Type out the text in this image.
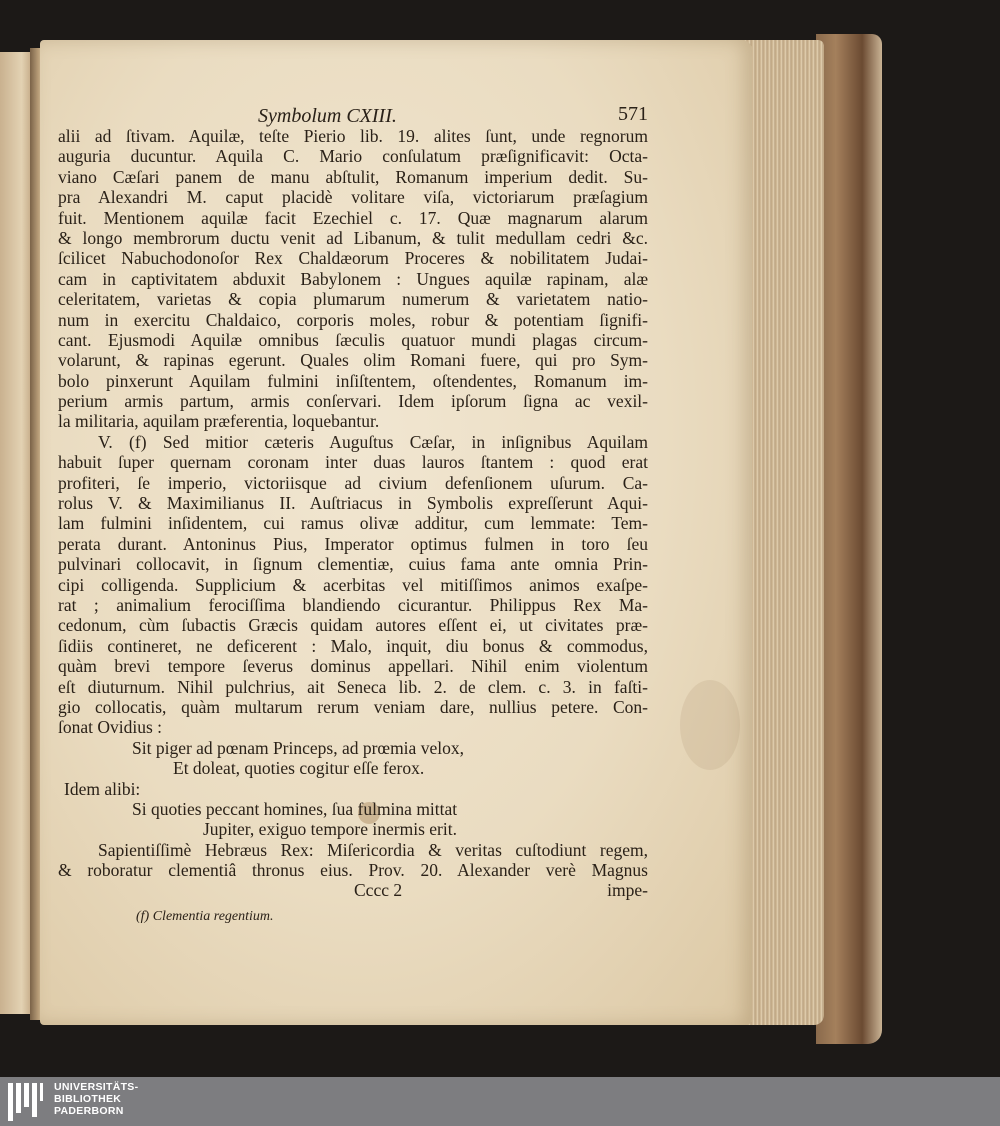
Symbolum CXIII.	571
alii ad ſtivam. Aquilæ, teſte Pierio lib. 19. alites ſunt, unde regnorum
auguria ducuntur. Aquila C. Mario conſulatum præſignificavit: Octa-
viano Cæſari panem de manu abſtulit, Romanum imperium dedit. Su-
pra Alexandri M. caput placidè volitare viſa, victoriarum præſagium
fuit. Mentionem aquilæ facit Ezechiel c. 17. Quæ magnarum alarum
& longo membrorum ductu venit ad Libanum, & tulit medullam cedri &c.
ſcilicet Nabuchodonoſor Rex Chaldæorum Proceres & nobilitatem Judai-
cam in captivitatem abduxit Babylonem : Ungues aquilæ rapinam, alæ
celeritatem, varietas & copia plumarum numerum & varietatem natio-
num in exercitu Chaldaico, corporis moles, robur & potentiam ſignifi-
cant. Ejusmodi Aquilæ omnibus ſæculis quatuor mundi plagas circum-
volarunt, & rapinas egerunt. Quales olim Romani fuere, qui pro Sym-
bolo pinxerunt Aquilam fulmini inſiſtentem, oſtendentes, Romanum im-
perium armis partum, armis conſervari. Idem ipſorum ſigna ac vexil-
la militaria, aquilam præferentia, loquebantur.
V. (f) Sed mitior cæteris Auguſtus Cæſar, in inſignibus Aquilam
habuit ſuper quernam coronam inter duas lauros ſtantem : quod erat
profiteri, ſe imperio, victoriisque ad civium defenſionem uſurum. Ca-
rolus V. & Maximilianus II. Auſtriacus in Symbolis expreſſerunt Aqui-
lam fulmini inſidentem, cui ramus olivæ additur, cum lemmate: Tem-
perata durant. Antoninus Pius, Imperator optimus fulmen in toro ſeu
pulvinari collocavit, in ſignum clementiæ, cuius fama ante omnia Prin-
cipi colligenda. Supplicium & acerbitas vel mitiſſimos animos exaſpe-
rat ; animalium ferociſſima blandiendo cicurantur. Philippus Rex Ma-
cedonum, cùm ſubactis Græcis quidam autores eſſent ei, ut civitates præ-
ſidiis contineret, ne deficerent : Malo, inquit, diu bonus & commodus,
quàm brevi tempore ſeverus dominus appellari. Nihil enim violentum
eſt diuturnum. Nihil pulchrius, ait Seneca lib. 2. de clem. c. 3. in faſti-
gio collocatis, quàm multarum rerum veniam dare, nullius petere. Con-
ſonat Ovidius :
Sit piger ad pœnam Princeps, ad prœmia velox,
Et doleat, quoties cogitur eſſe ferox.
Idem alibi:
Si quoties peccant homines, ſua fulmina mittat
Jupiter, exiguo tempore inermis erit.
Sapientiſſimè Hebræus Rex: Miſericordia & veritas cuſtodiunt regem,
& roboratur clementiâ thronus eius. Prov. 20. Alexander verè Magnus
Cccc 2	impe-
(f) Clementia regentium.
UNIVERSITÄTS-
BIBLIOTHEK
PADERBORN
